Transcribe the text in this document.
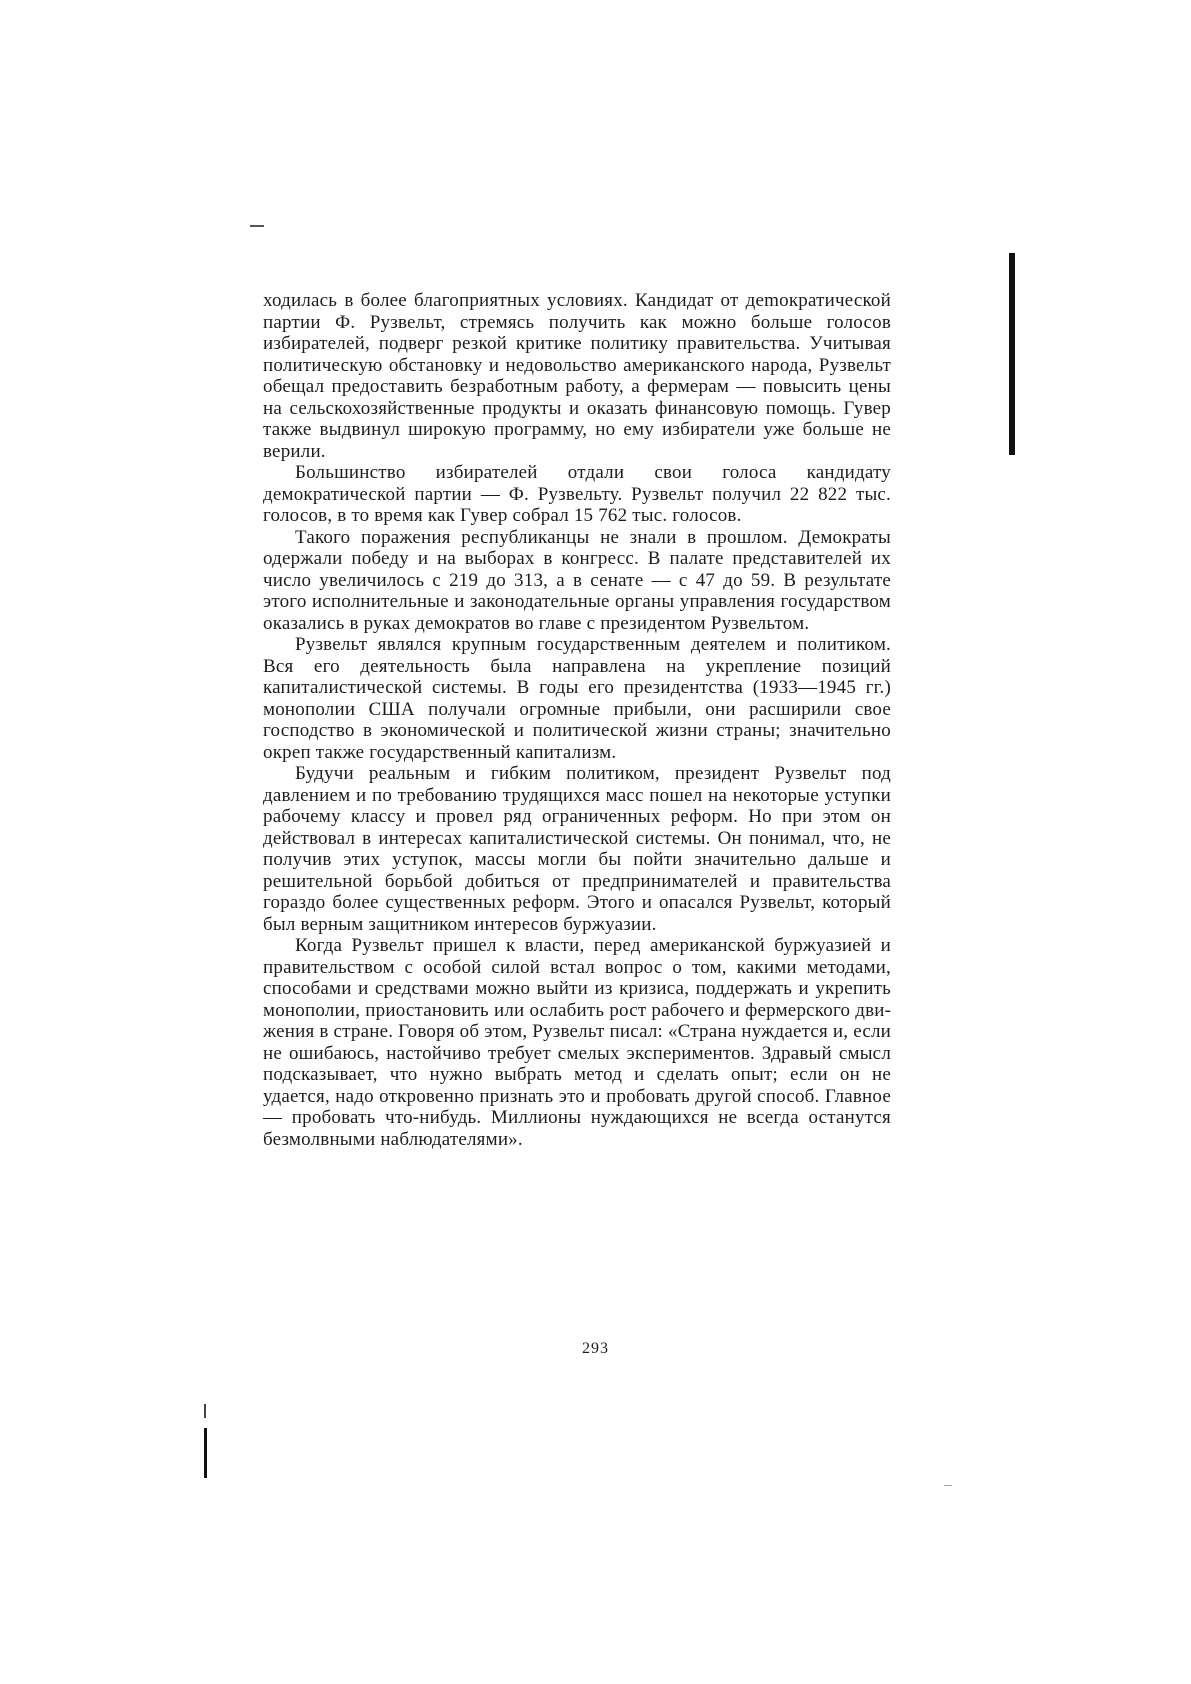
ходилась в более благоприятных условиях. Кандидат от деmократической партии Ф. Рузвельт, стремясь получить как можно больше голосов избирателей, подверг резкой критике политику правительства. Учитывая политическую обстановку и недовольство американского народа, Рузвельт обещал предоставить безработным работу, а фермерам — повысить цены на сельскохозяйственные продукты и оказать финансовую помощь. Гувер также выдвинул широкую программу, но ему избиратели уже больше не верили.

Большинство избирателей отдали свои голоса кандидату демократической партии — Ф. Рузвельту. Рузвельт получил 22 822 тыс. голосов, в то время как Гувер собрал 15 762 тыс. голосов.

Такого поражения республиканцы не знали в прошлом. Демократы одержали победу и на выборах в конгресс. В палате представителей их число увеличилось с 219 до 313, а в сенате — с 47 до 59. В результате этого исполнительные и законодательные органы управления государством оказались в руках демократов во главе с президентом Рузвельтом.

Рузвельт являлся крупным государственным деятелем и политиком. Вся его деятельность была направлена на укрепление позиций капиталистической системы. В годы его президентства (1933—1945 гг.) монополии США получали огромные прибыли, они расширили свое господство в экономической и политической жизни страны; значительно окреп также государственный капитализм.

Будучи реальным и гибким политиком, президент Рузвельт под давлением и по требованию трудящихся масс пошел на некоторые уступки рабочему классу и провел ряд ограниченных реформ. Но при этом он действовал в интересах капиталистической системы. Он понимал, что, не получив этих уступок, массы могли бы пойти значительно дальше и решительной борьбой добиться от предпринимателей и правительства гораздо более существенных реформ. Этого и опасался Рузвельт, который был верным защитником интересов буржуазии.

Когда Рузвельт пришел к власти, перед американской буржуазией и правительством с особой силой встал вопрос о том, какими методами, способами и средствами можно выйти из кризиса, поддержать и укрепить монополии, приостановить или ослабить рост рабочего и фермерского движения в стране. Говоря об этом, Рузвельт писал: «Страна нуждается и, если не ошибаюсь, настойчиво требует смелых экспериментов. Здравый смысл подсказывает, что нужно выбрать метод и сделать опыт; если он не удается, надо откровенно признать это и пробовать другой способ. Главное — пробовать что-нибудь. Миллионы нуждающихся не всегда останутся безмолвными наблюдателями».

293
